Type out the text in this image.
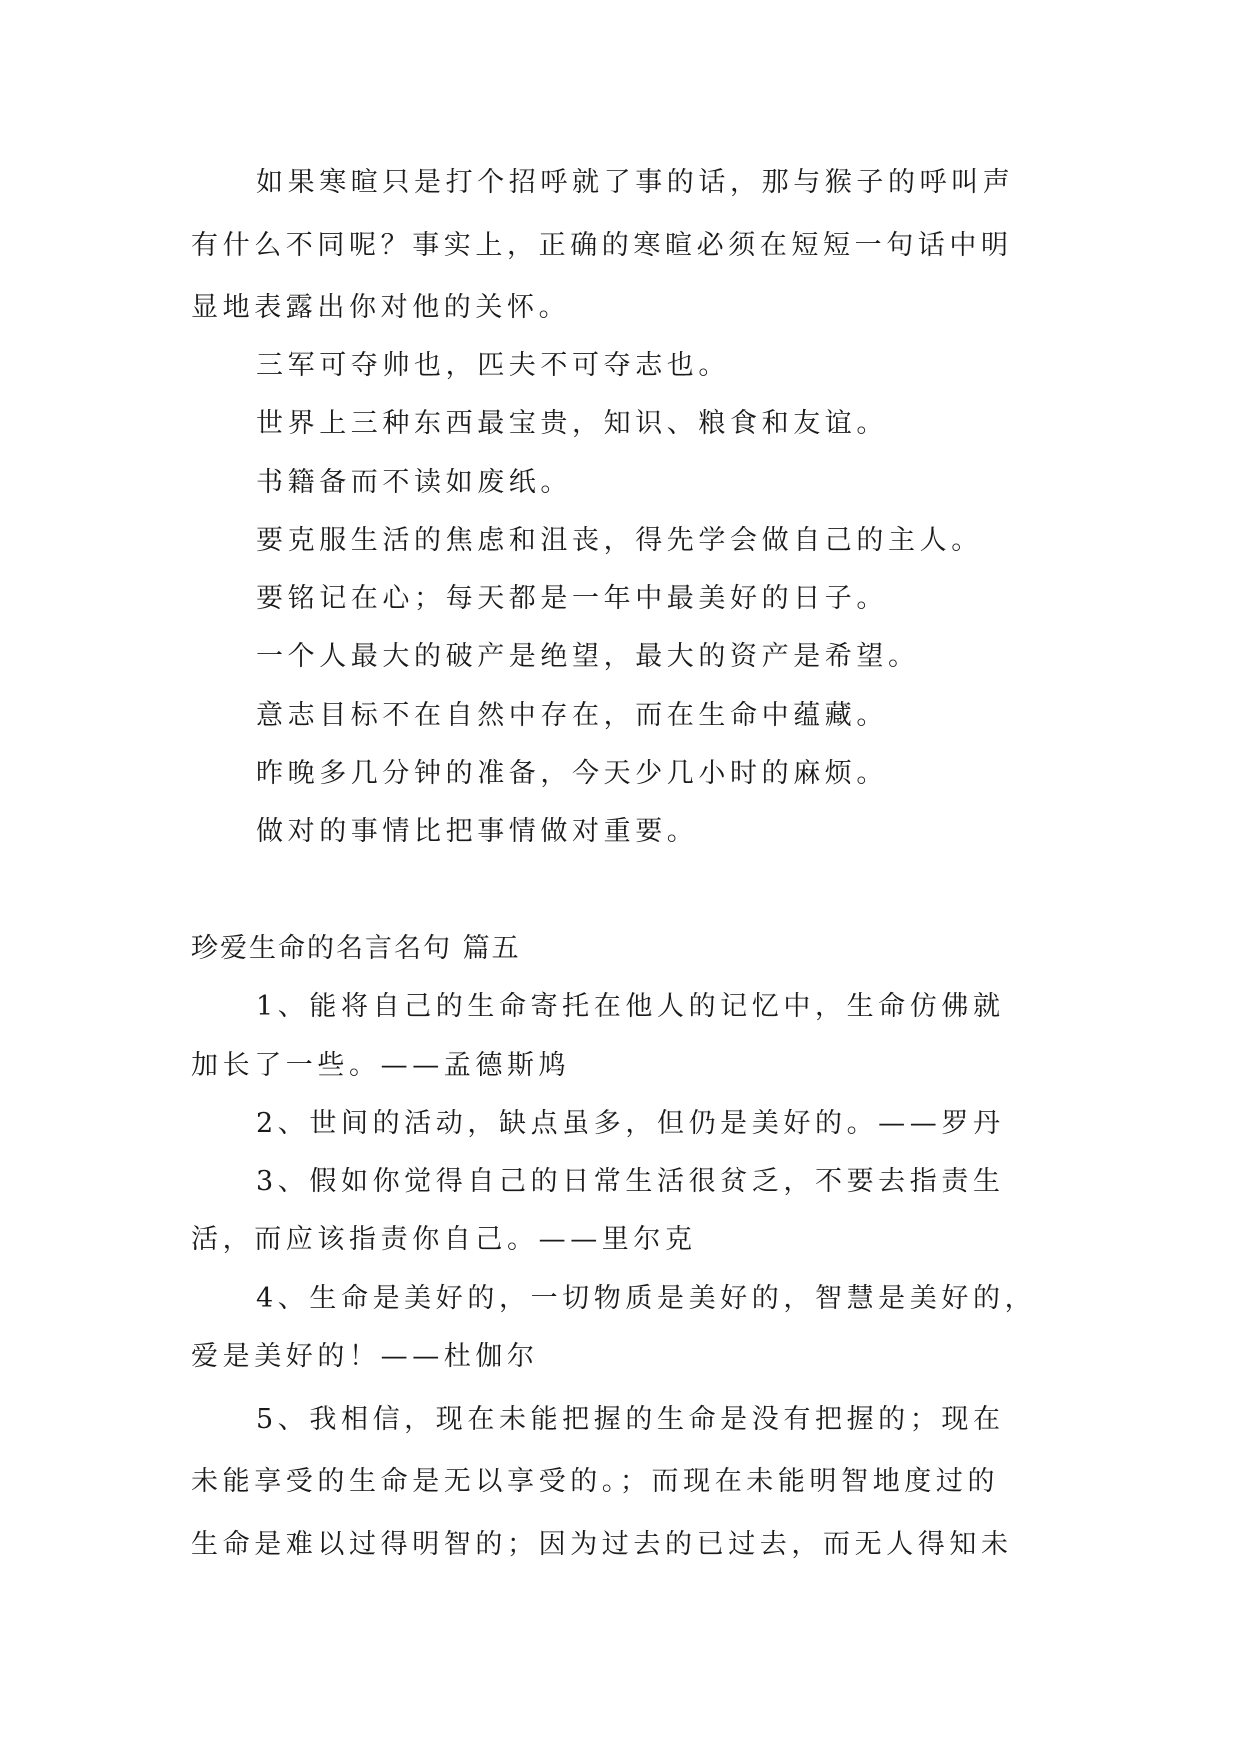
如果寒暄只是打个招呼就了事的话，那与猴子的呼叫声
有什么不同呢？事实上，正确的寒暄必须在短短一句话中明
显地表露出你对他的关怀。
三军可夺帅也，匹夫不可夺志也。
世界上三种东西最宝贵，知识、粮食和友谊。
书籍备而不读如废纸。
要克服生活的焦虑和沮丧，得先学会做自己的主人。
要铭记在心；每天都是一年中最美好的日子。
一个人最大的破产是绝望，最大的资产是希望。
意志目标不在自然中存在，而在生命中蕴藏。
昨晚多几分钟的准备，今天少几小时的麻烦。
做对的事情比把事情做对重要。
珍爱生命的名言名句 篇五
1、能将自己的生命寄托在他人的记忆中，生命仿佛就
加长了一些。——孟德斯鸠
2、世间的活动，缺点虽多，但仍是美好的。——罗丹
3、假如你觉得自己的日常生活很贫乏，不要去指责生
活，而应该指责你自己。——里尔克
4、生命是美好的，一切物质是美好的，智慧是美好的，
爱是美好的！——杜伽尔
5、我相信，现在未能把握的生命是没有把握的；现在
未能享受的生命是无以享受的。；而现在未能明智地度过的
生命是难以过得明智的；因为过去的已过去，而无人得知未
